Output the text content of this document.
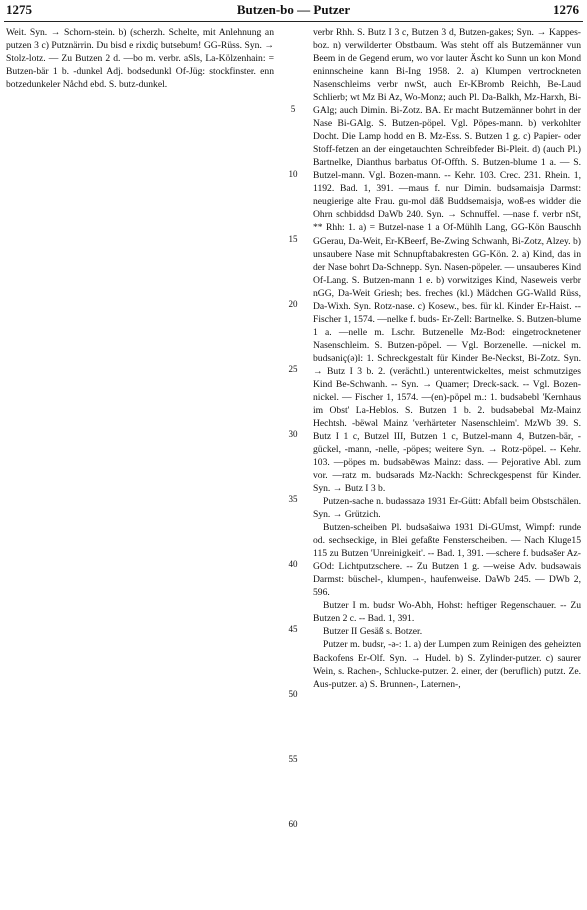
1275	Butzen-bo — Putzer	1276

Weit. Syn. → Schorn-stein. b) (scherzh. Schelte, mit Anlehnung an putzen 3 c) Putznärrin. Du bisd e rixdiç butsebum! GG-Rüss. Syn. → Stolz-lotz. — Zu Butzen 2 d. —bo m. verbr. aSls, La-Kölzenhain: = Butzen-bär 1 b. -dunkel Adj. bodsedunkl Of-Jüg: stockfinster. enn botzedunkeler Nåchd ebd. S. butz-dunkel.

5
10
15
20
25
30
35
40
45
50
55
60

verbr Rhh. S. Butz I 3 c, Butzen 3 d, Butzen-gakes; Syn. → Kappes-boz. n) verwilderter Obstbaum. Was steht off als Butzemänner vun Beem in de Gegend erum, wo vor lauter Äscht ko Sunn un kon Mond eninnscheine kann Bi-Ing 1958. 2. a) Klumpen vertrockneten Nasenschleims verbr nwSt, auch Er-KBromb Reichh, Be-Laud Schlierb; wt Mz Bi Az, Wo-Monz; auch Pl. Da-Balkh, Mz-Harxh, Bi-GAlg; auch Dimin. Bi-Zotz. BA. Er macht Butzemänner bohrt in der Nase Bi-GAlg. S. Butzen-pöpel. Vgl. Pöpes-mann. b) verkohlter Docht. Die Lamp hodd en B. Mz-Ess. S. Butzen 1 g. c) Papier- oder Stoff-fetzen an der eingetauchten Schreibfeder Bi-Pleit. d) (auch Pl.) Bartnelke, Dianthus barbatus Of-Offth. S. Butzen-blume 1 a. — S. Butzel-mann. Vgl. Bozen-mann. -- Kehr. 103. Crec. 231. Rhein. 1, 1192. Bad. 1, 391. —maus f. nur Dimin. budsəmaisjə Darmst: neugierige alte Frau. gu-mol däß Buddsemaisjə, woß-es widder die Ohrn schbiddsd DaWb 240. Syn. → Schnuffel. —nase f. verbr nSt, ** Rhh: 1. a) = Butzel-nase 1 a Of-Mühlh Lang, GG-Kön Bauschh GGerau, Da-Weit, Er-KBeerf, Be-Zwing Schwanh, Bi-Zotz, Alzey. b) unsaubere Nase mit Schnupftabakresten GG-Kön. 2. a) Kind, das in der Nase bohrt Da-Schnepp. Syn. Nasen-pöpeler. — unsauberes Kind Of-Lang. S. Butzen-mann 1 e. b) vorwitziges Kind, Naseweis verbr nGG, Da-Weit Griesh; bes. freches (kl.) Mädchen GG-Walld Rüss, Da-Wixh. Syn. Rotz-nase. c) Kosew., bes. für kl. Kinder Er-Haist. -- Fischer 1, 1574. —nelke f. buds- Er-Zell: Bartnelke. S. Butzen-blume 1 a. —nelle m. Lschr. Butzenelle Mz-Bod: eingetrocknetener Nasenschleim. S. Butzen-pöpel. — Vgl. Borzenelle. —nickel m. budsəniç(ə)l: 1. Schreckgestalt für Kinder Be-Neckst, Bi-Zotz. Syn. → Butz I 3 b. 2. (verächtl.) unterentwickeltes, meist schmutziges Kind Be-Schwanh. -- Syn. → Quamer; Dreck-sack. -- Vgl. Bozen-nickel. — Fischer 1, 1574. —(en)-pöpel m.: 1. budsəbebl 'Kernhaus im Obst' La-Heblos. S. Butzen 1 b. 2. budsəbebəl Mz-Mainz Hechtsh. -bëwəl Mainz 'verhärteter Nasenschleim'. MzWb 39. S. Butz I 1 c, Butzel III, Butzen 1 c, Butzel-mann 4, Butzen-bär, -gückel, -mann, -nelle, -pöpes; weitere Syn. → Rotz-pöpel. -- Kehr. 103. —pöpes m. budsəbēwəs Mainz: dass. — Pejorative Abl. zum vor. —ratz m. budsərads Mz-Nackh: Schreckgespenst für Kinder. Syn. → Butz I 3 b.

Putzen-sache n. budəssazə 1931 Er-Gütt: Abfall beim Obstschälen. Syn. → Grützich.

Butzen-scheiben Pl. budsəšaiwə 1931 Di-GUmst, Wimpf: runde od. sechseckige, in Blei gefaßte Fensterscheiben. — Nach Kluge15 115 zu Butzen 'Unreinigkeit'. -- Bad. 1, 391. —schere f. budsəšer Az-GOd: Lichtputzschere. -- Zu Butzen 1 g. —weise Adv. budsəwais Darmst: büschel-, klumpen-, haufenweise. DaWb 245. — DWb 2, 596.

Butzer I m. budsr Wo-Abh, Hohst: heftiger Regenschauer. -- Zu Butzen 2 c. -- Bad. 1, 391.

Butzer II Gesäß s. Botzer.

Putzer m. budsr, -ə-: 1. a) der Lumpen zum Reinigen des geheizten Backofens Er-Olf. Syn. → Hudel. b) S. Zylinder-putzer. c) saurer Wein, s. Rachen-, Schlucke-putzer. 2. einer, der (beruflich) putzt. Ze. Aus-putzer. a) S. Brunnen-, Laternen-,
